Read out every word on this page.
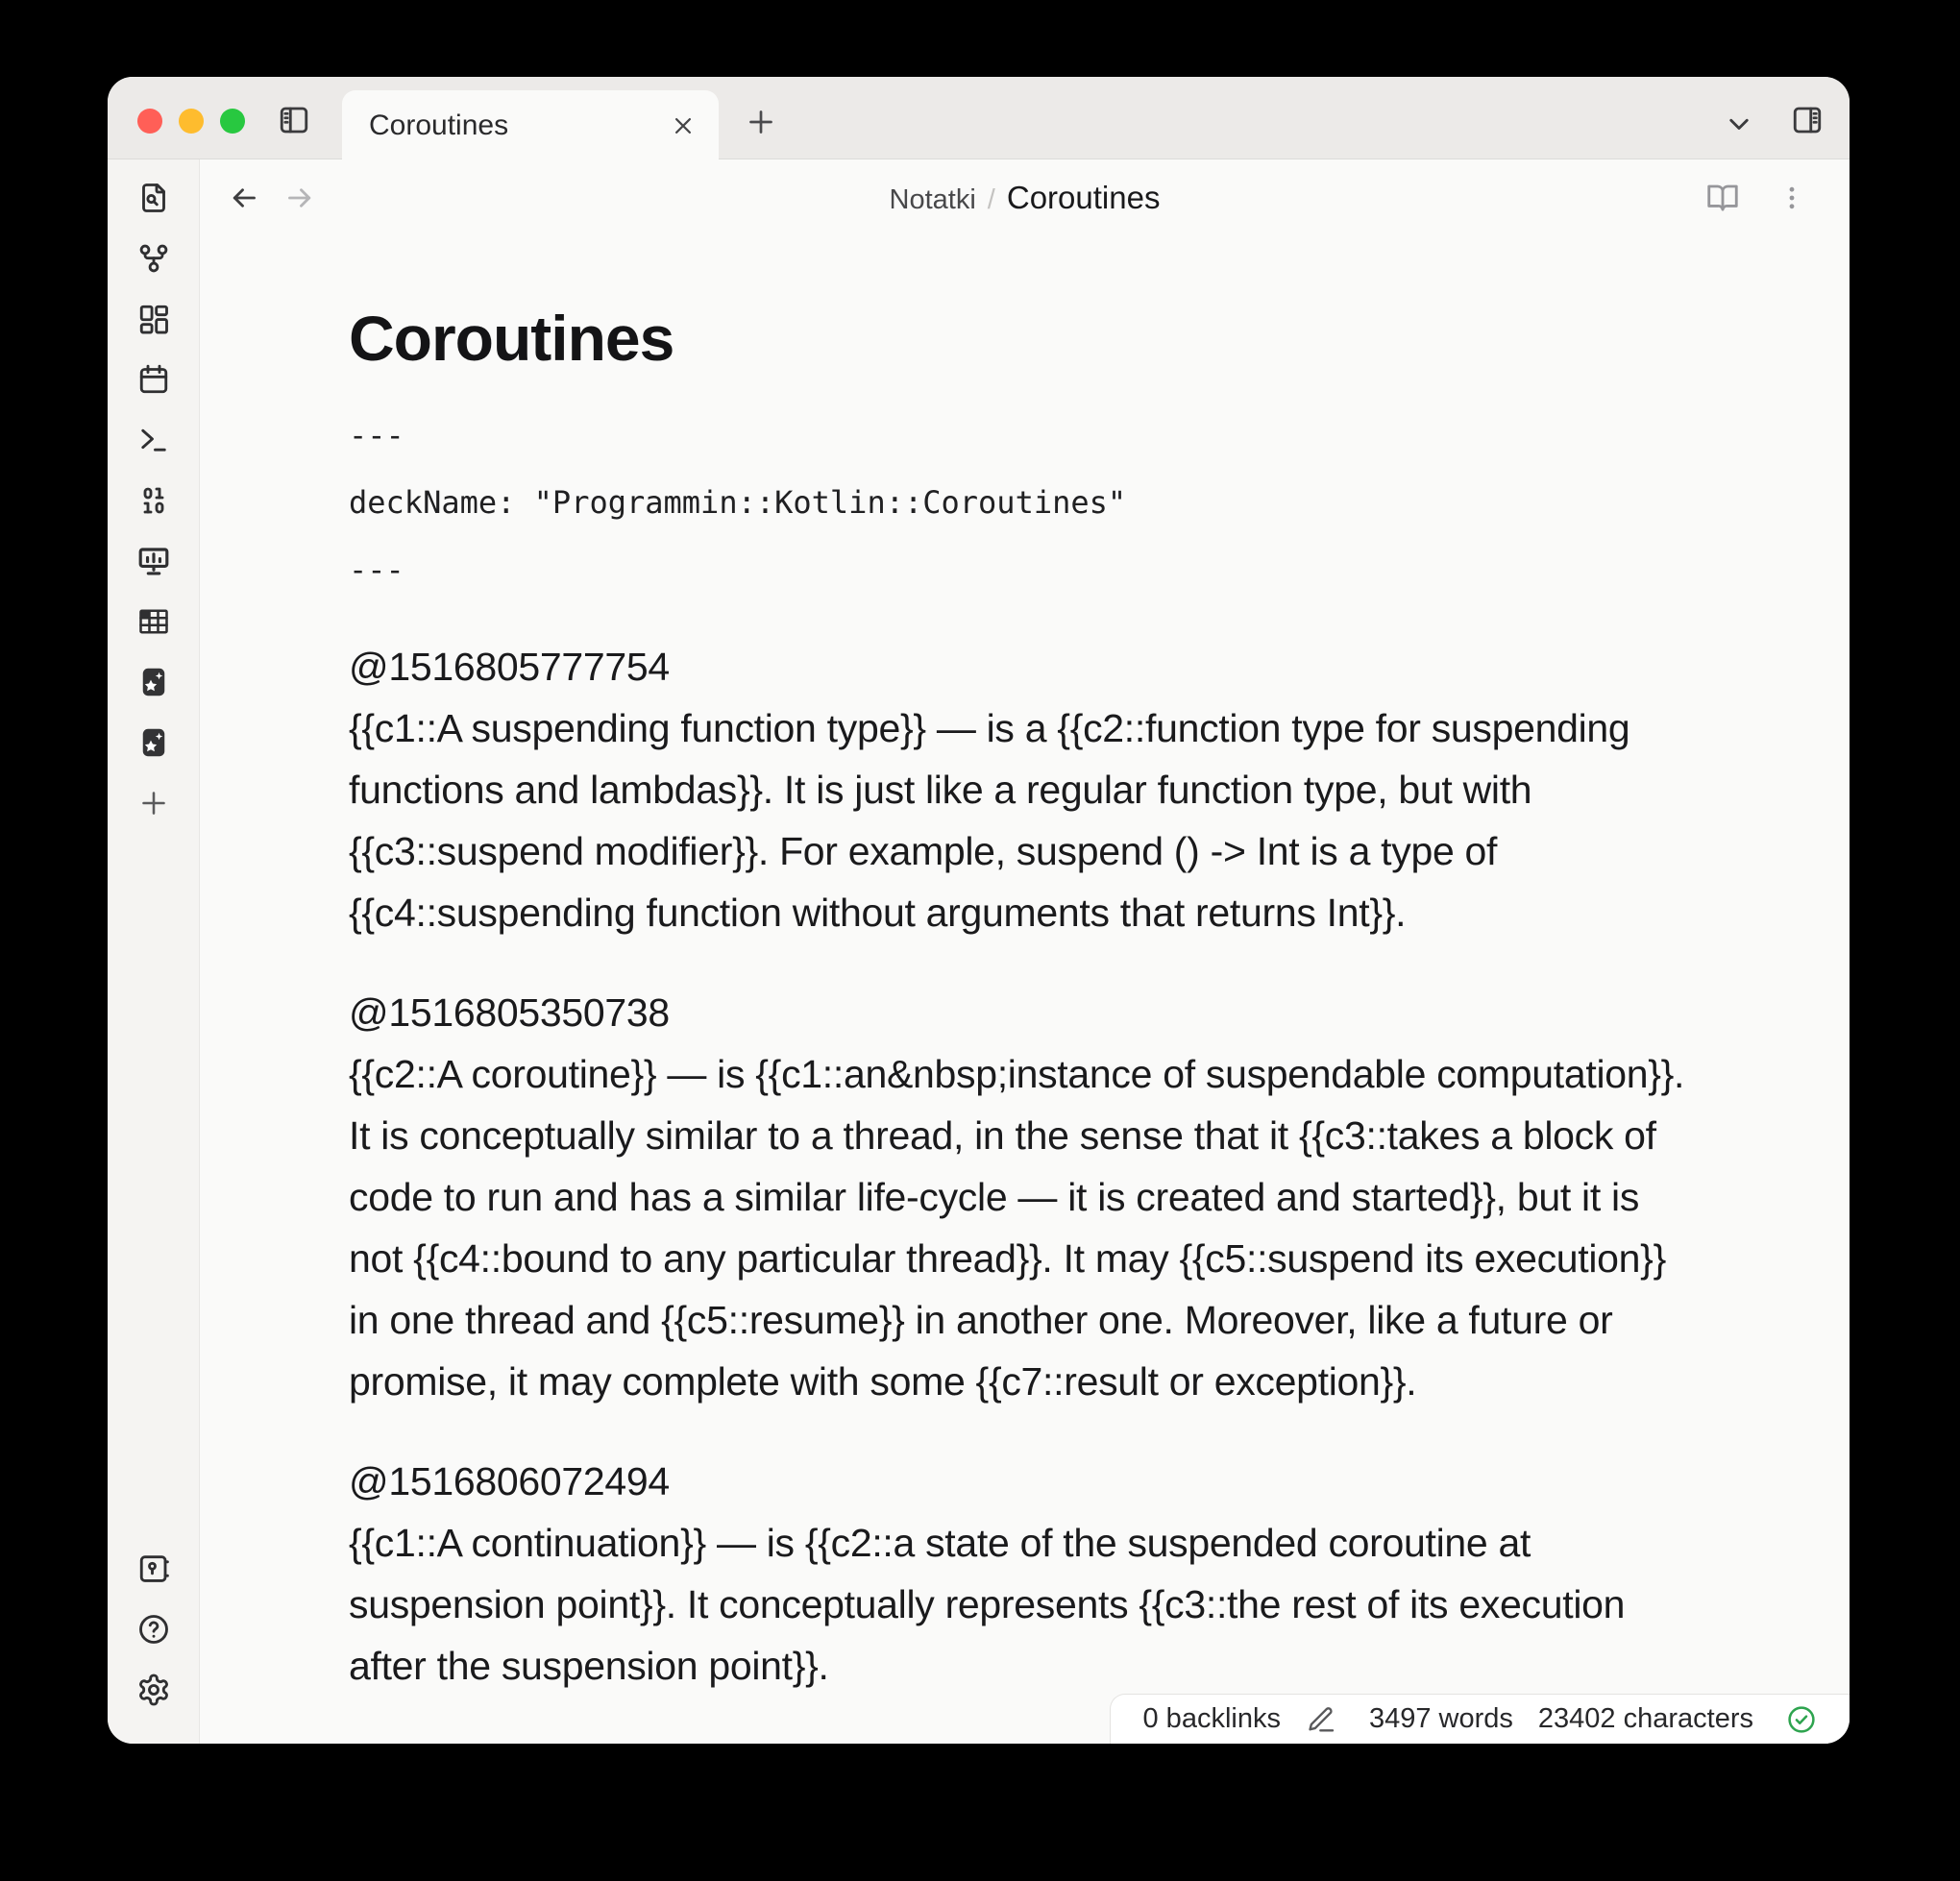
Coroutines
Notatki / Coroutines
Coroutines
---
deckName: "Programmin::Kotlin::Coroutines"
---
@1516805777754

{{c1::A suspending function type}} — is a {{c2::function type for suspending functions and lambdas}}. It is just like a regular function type, but with {{c3::suspend modifier}}. For example, suspend () -> Int is a type of {{c4::suspending function without arguments that returns Int}}.

@1516805350738

{{c2::A coroutine}} — is {{c1::an&nbsp;instance of suspendable computation}}. It is conceptually similar to a thread, in the sense that it {{c3::takes a block of code to run and has a similar life-cycle — it is created and started}}, but it is not {{c4::bound to any particular thread}}. It may {{c5::suspend its execution}} in one thread and {{c5::resume}} in another one. Moreover, like a future or promise, it may complete with some {{c7::result or exception}}.

@1516806072494

{{c1::A continuation}} — is {{c2::a state of the suspended coroutine at suspension point}}. It conceptually represents {{c3::the rest of its execution after the suspension point}}.

0 backlinks	3497 words 23402 characters
